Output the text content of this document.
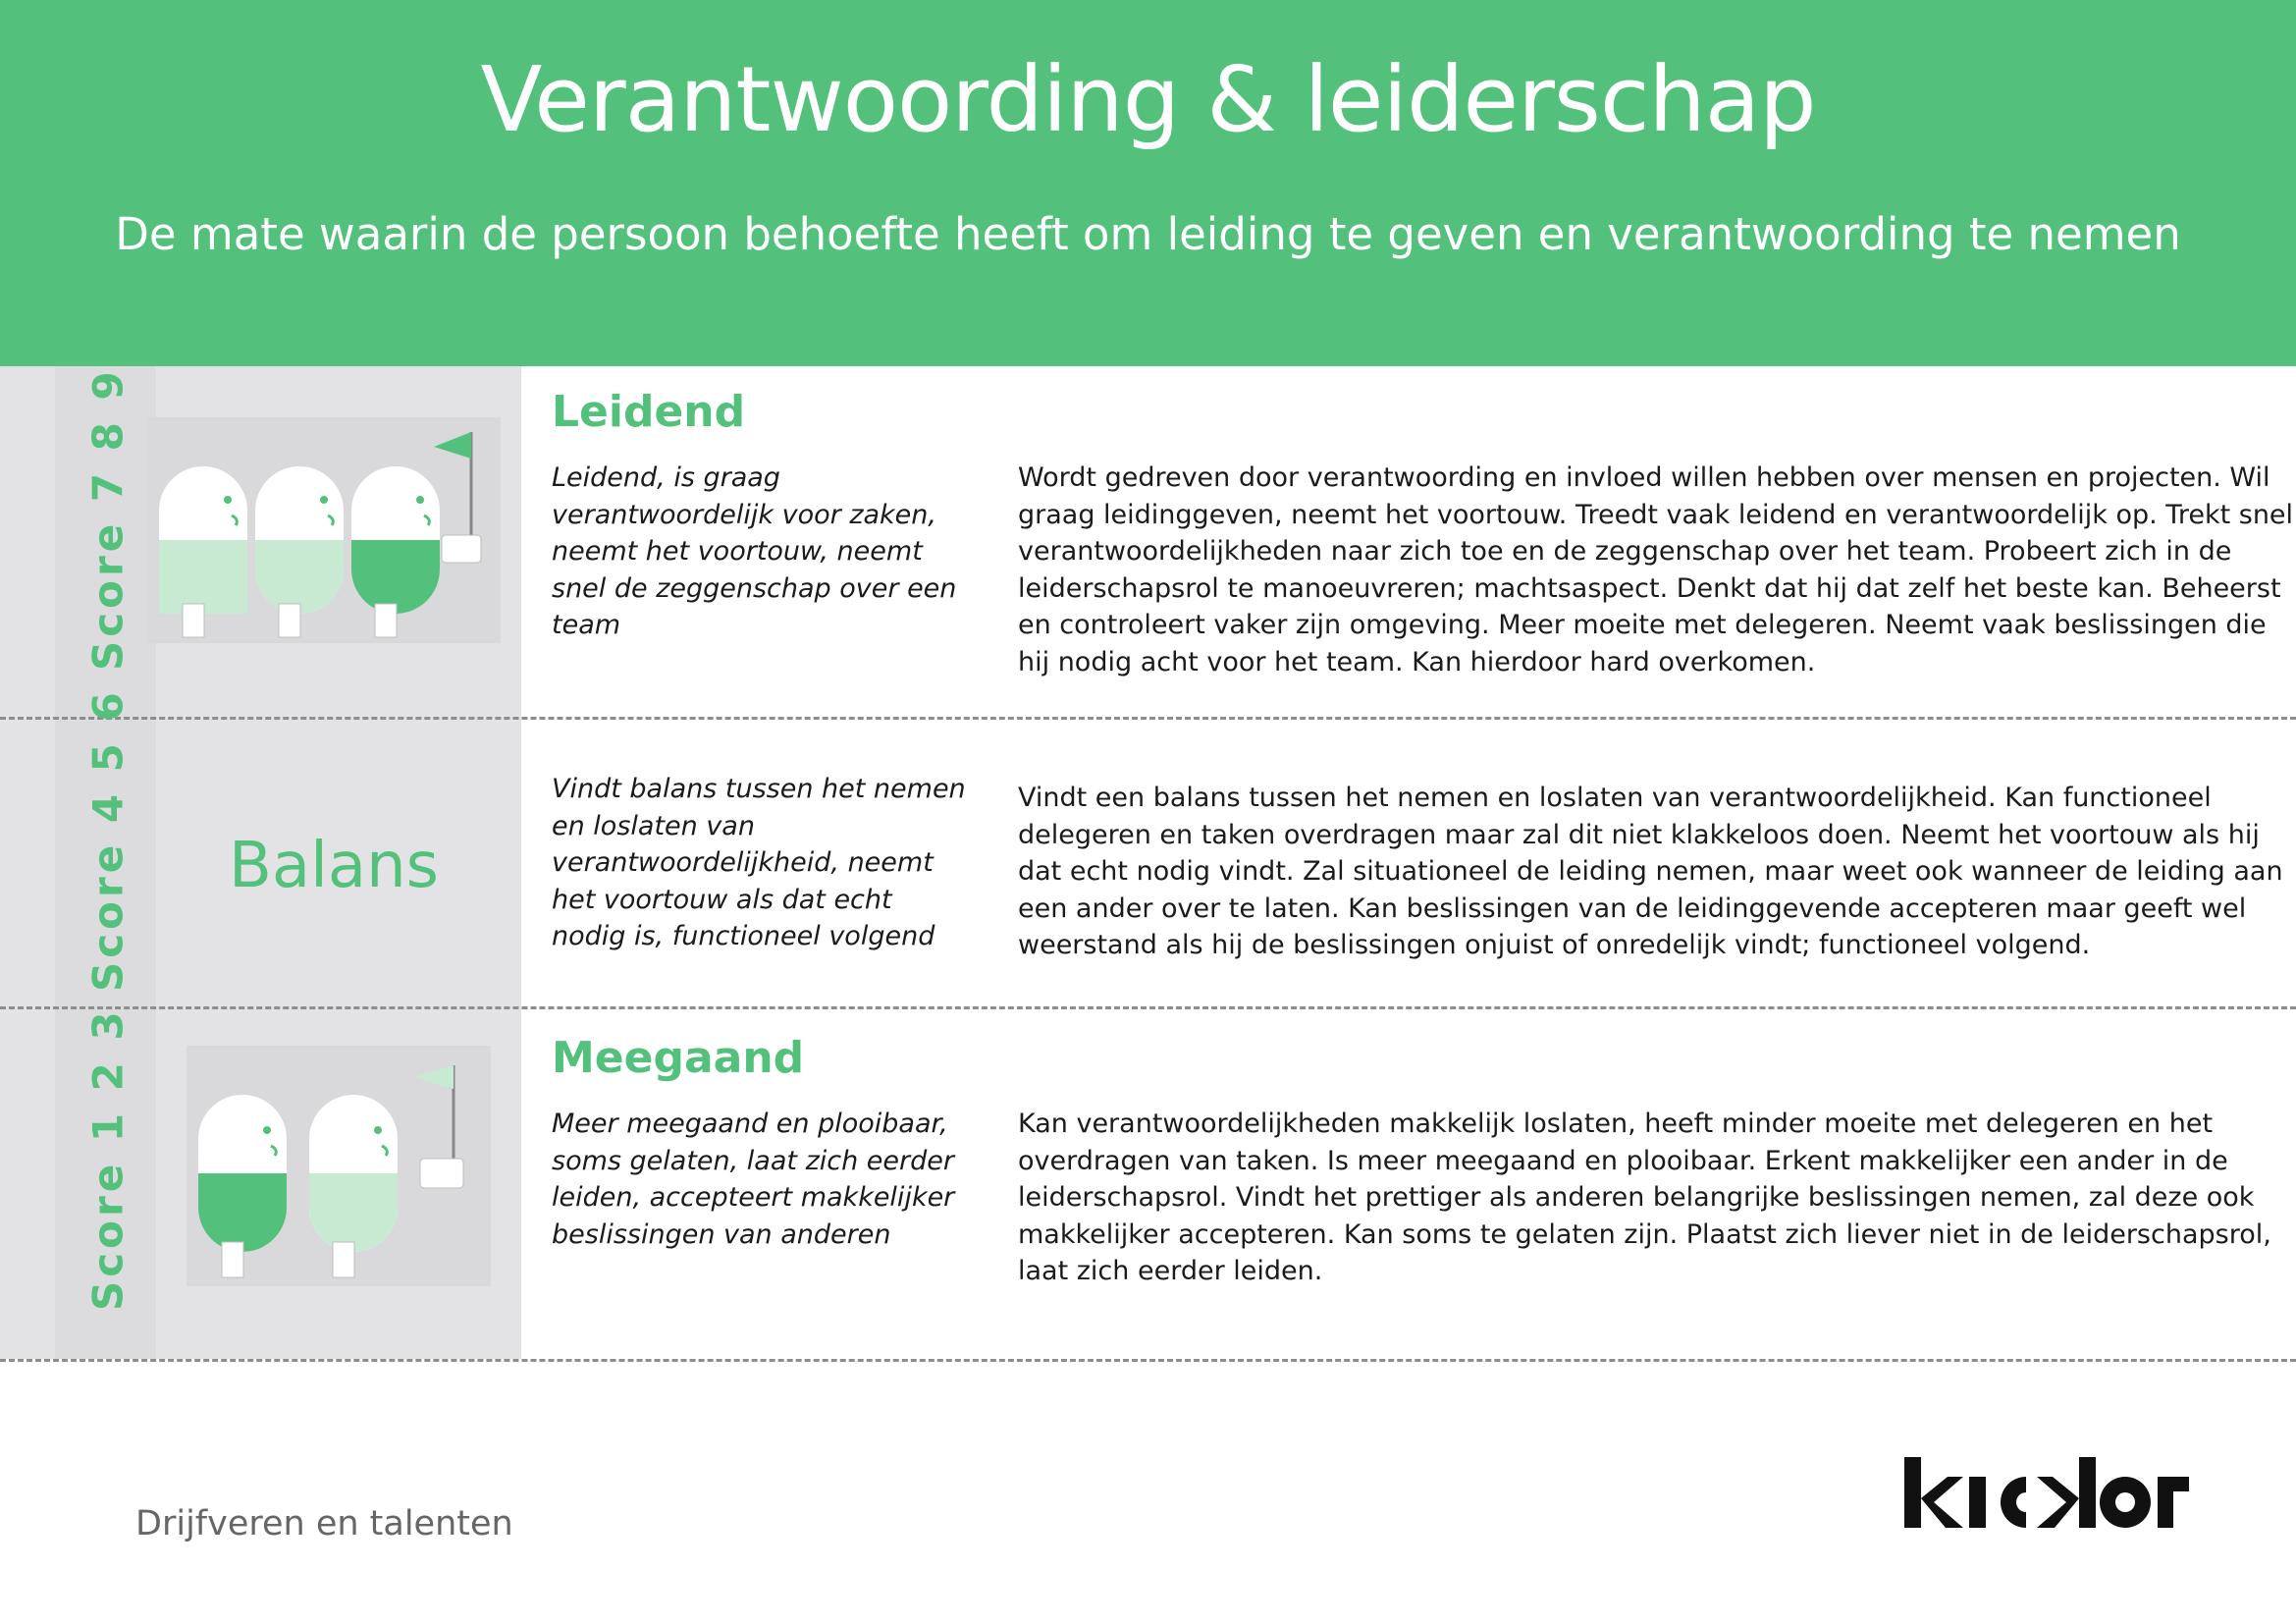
Verantwoording & leiderschap
De mate waarin de persoon behoefte heeft om leiding te geven en verantwoording te nemen
Score 7 8 9	Leidend
Leidend, is graag verantwoordelijk voor zaken, neemt het voortouw, neemt snel de zeggenschap over een team
Wordt gedreven door verantwoording en invloed willen hebben over mensen en projecten. Wil graag leidinggeven, neemt het voortouw. Treedt vaak leidend en verantwoordelijk op. Trekt snel verantwoordelijkheden naar zich toe en de zeggenschap over het team. Probeert zich in de leiderschapsrol te manoeuvreren; machtsaspect. Denkt dat hij dat zelf het beste kan. Beheerst en controleert vaker zijn omgeving. Meer moeite met delegeren. Neemt vaak beslissingen die hij nodig acht voor het team. Kan hierdoor hard overkomen.
Score 4 5 6	Balans
Vindt balans tussen het nemen en loslaten van verantwoordelijkheid, neemt het voortouw als dat echt nodig is, functioneel volgend
Vindt een balans tussen het nemen en loslaten van verantwoordelijkheid. Kan functioneel delegeren en taken overdragen maar zal dit niet klakkeloos doen. Neemt het voortouw als hij dat echt nodig vindt. Zal situationeel de leiding nemen, maar weet ook wanneer de leiding aan een ander over te laten. Kan beslissingen van de leidinggevende accepteren maar geeft wel weerstand als hij de beslissingen onjuist of onredelijk vindt; functioneel volgend.
Score 1 2 3	Meegaand
Meer meegaand en plooibaar, soms gelaten, laat zich eerder leiden, accepteert makkelijker beslissingen van anderen
Kan verantwoordelijkheden makkelijk loslaten, heeft minder moeite met delegeren en het overdragen van taken. Is meer meegaand en plooibaar. Erkent makkelijker een ander in de leiderschapsrol. Vindt het prettiger als anderen belangrijke beslissingen nemen, zal deze ook makkelijker accepteren. Kan soms te gelaten zijn. Plaatst zich liever niet in de leiderschapsrol, laat zich eerder leiden.
Drijfveren en talenten
